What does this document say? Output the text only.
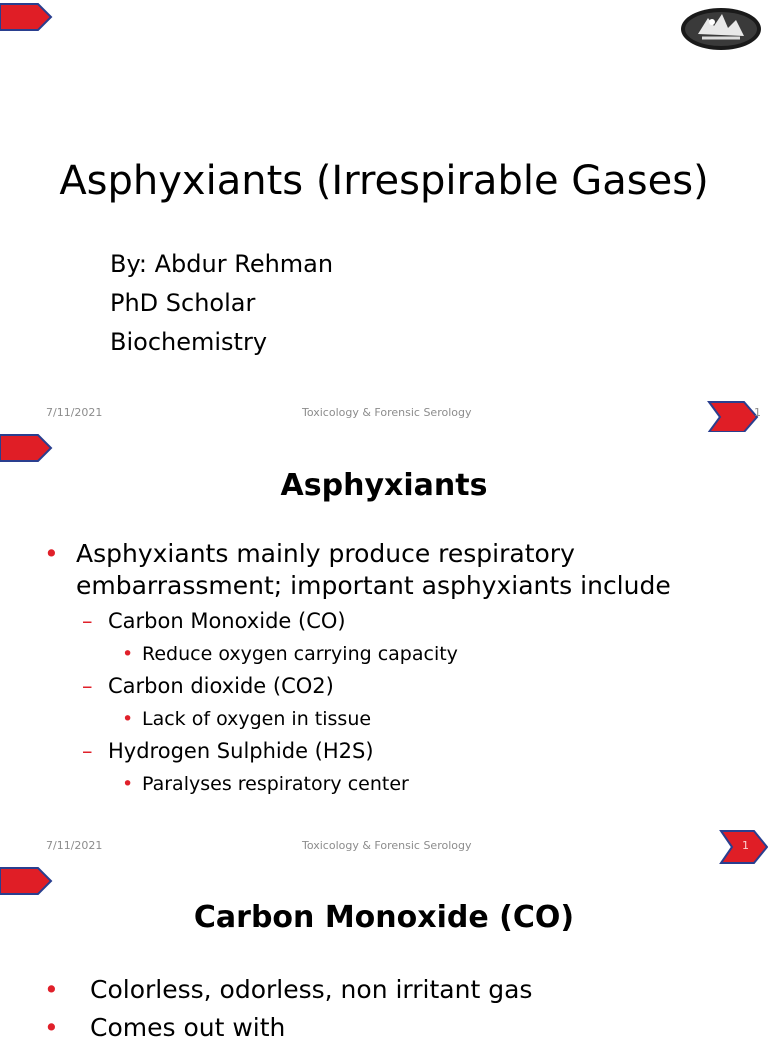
Asphyxiants (Irrespirable Gases)
By: Abdur Rehman
PhD Scholar
Biochemistry
7/11/2021	Toxicology & Forensic Serology	1
Asphyxiants
• Asphyxiants mainly produce respiratory
embarrassment; important asphyxiants include
– Carbon Monoxide (CO)
• Reduce oxygen carrying capacity
– Carbon dioxide (CO2)
• Lack of oxygen in tissue
– Hydrogen Sulphide (H2S)
• Paralyses respiratory center
7/11/2021	Toxicology & Forensic Serology	1
Carbon Monoxide (CO)
• Colorless, odorless, non irritant gas
• Comes out with
